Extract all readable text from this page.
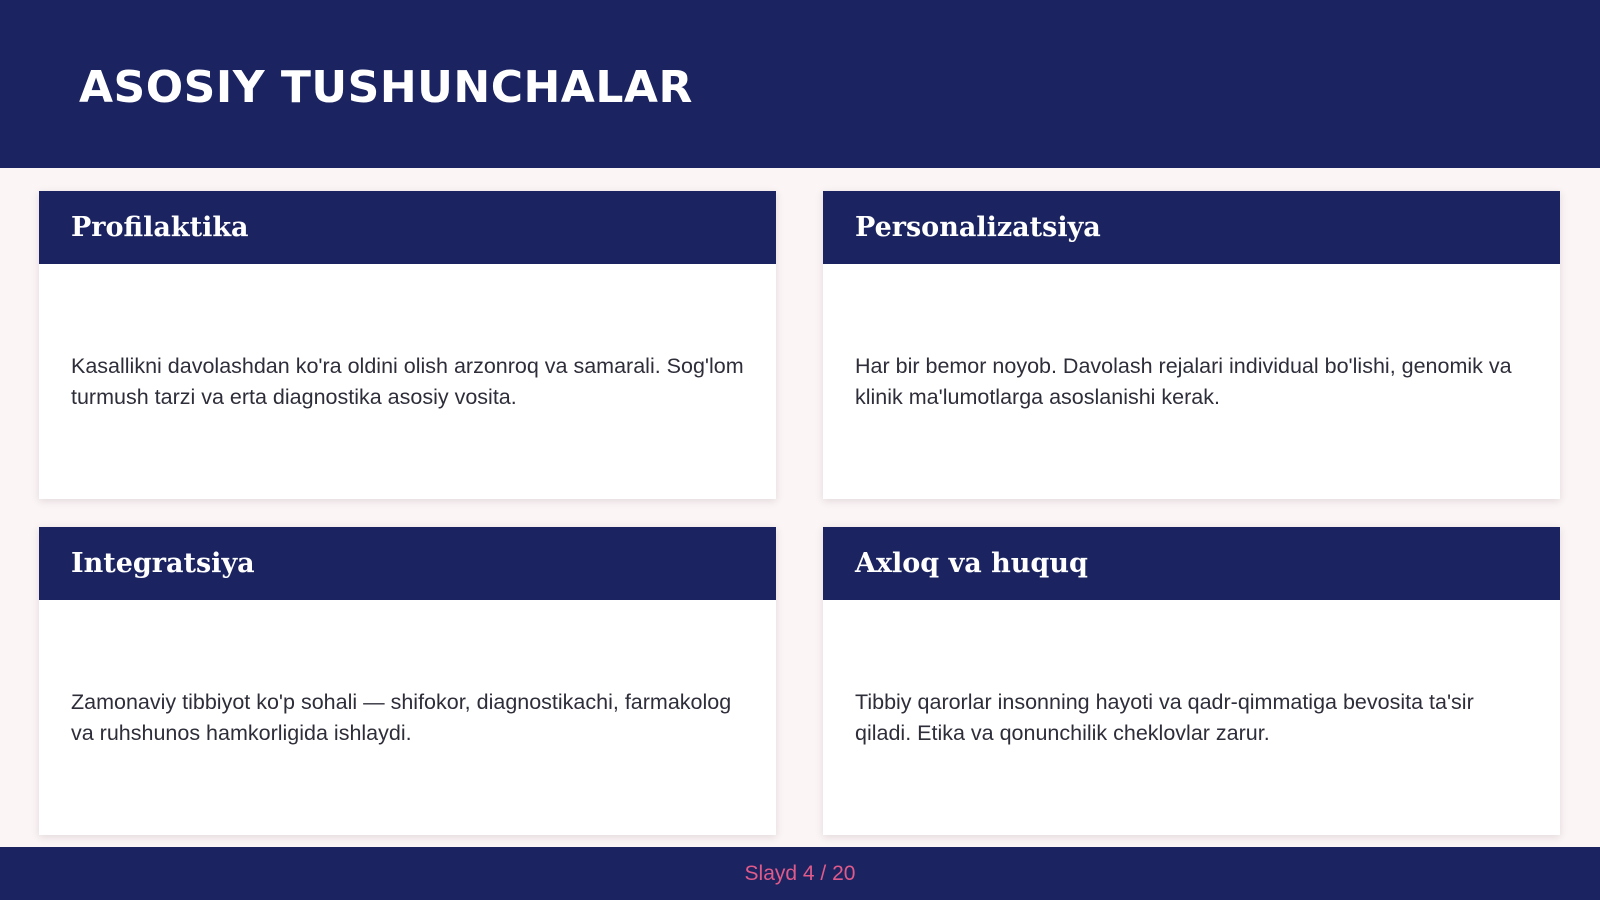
ASOSIY TUSHUNCHALAR
Profilaktika

Kasallikni davolashdan ko'ra oldini olish arzonroq va samarali. Sog'lom turmush tarzi va erta diagnostika asosiy vosita.

Personalizatsiya

Har bir bemor noyob. Davolash rejalari individual bo'lishi, genomik va klinik ma'lumotlarga asoslanishi kerak.

Integratsiya

Zamonaviy tibbiyot ko'p sohali — shifokor, diagnostikachi, farmakolog va ruhshunos hamkorligida ishlaydi.

Axloq va huquq

Tibbiy qarorlar insonning hayoti va qadr-qimmatiga bevosita ta'sir qiladi. Etika va qonunchilik cheklovlar zarur.

Slayd 4 / 20
